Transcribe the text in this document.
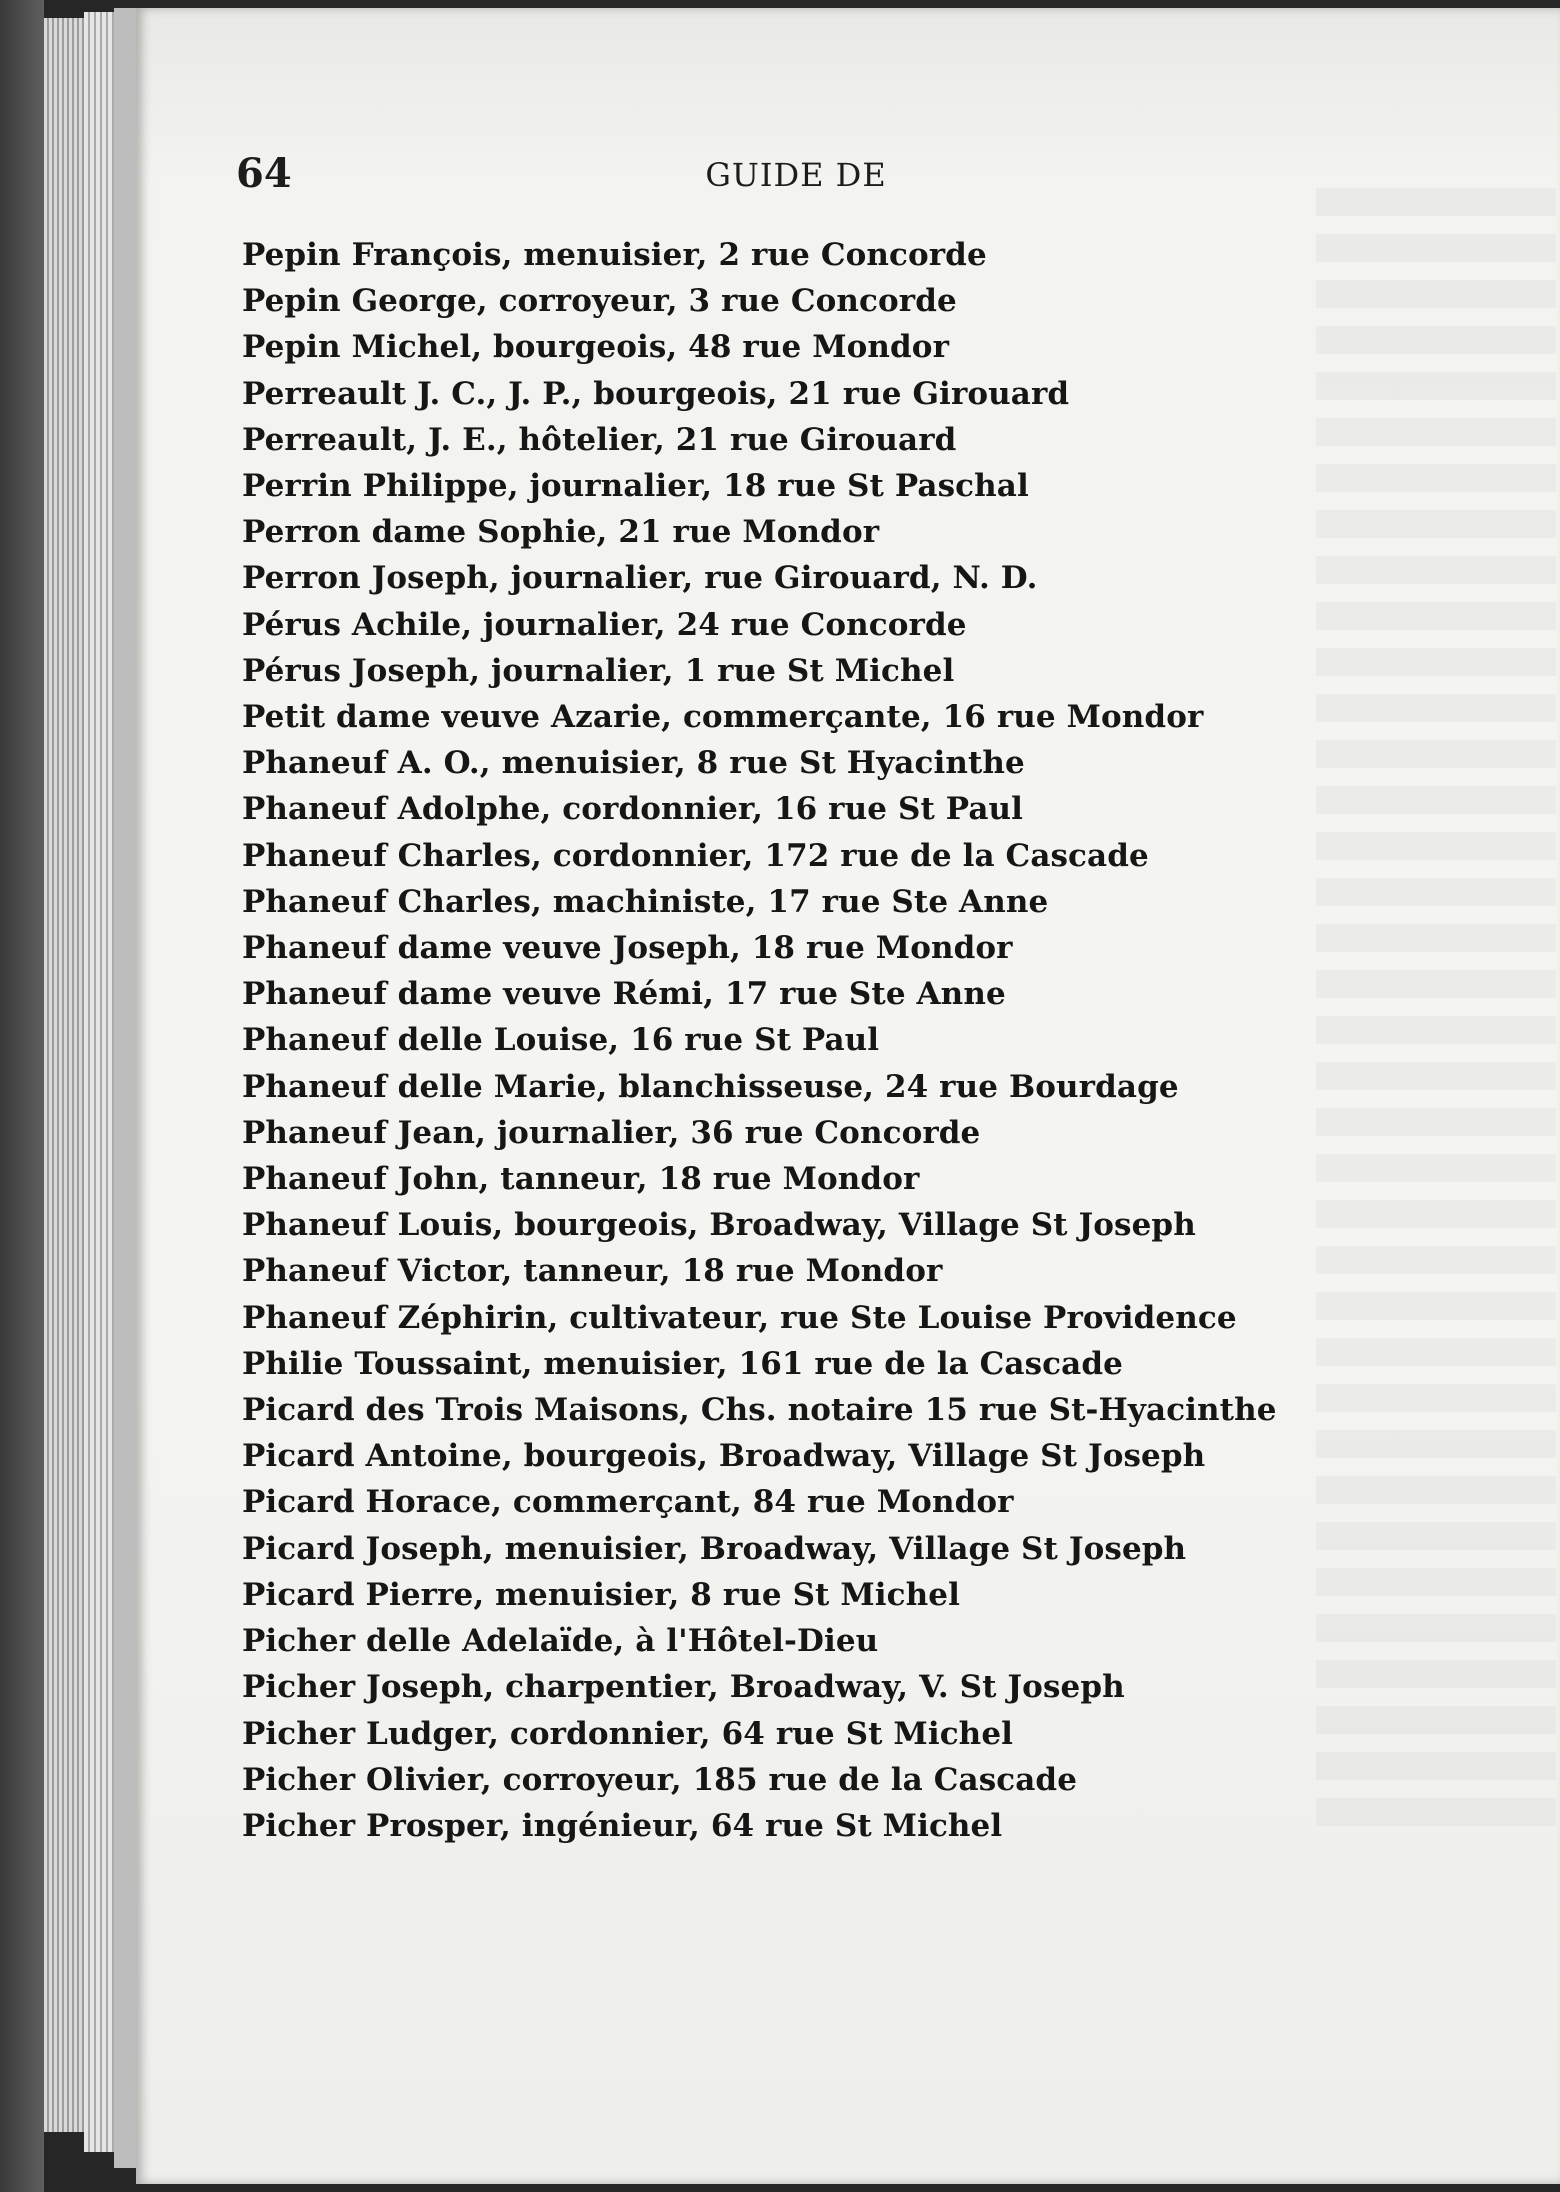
64	GUIDE DE
Pepin François, menuisier, 2 rue Concorde
Pepin George, corroyeur, 3 rue Concorde
Pepin Michel, bourgeois, 48 rue Mondor
Perreault J. C., J. P., bourgeois, 21 rue Girouard
Perreault, J. E., hôtelier, 21 rue Girouard
Perrin Philippe, journalier, 18 rue St Paschal
Perron dame Sophie, 21 rue Mondor
Perron Joseph, journalier, rue Girouard, N. D.
Pérus Achile, journalier, 24 rue Concorde
Pérus Joseph, journalier, 1 rue St Michel
Petit dame veuve Azarie, commerçante, 16 rue Mondor
Phaneuf A. O., menuisier, 8 rue St Hyacinthe
Phaneuf Adolphe, cordonnier, 16 rue St Paul
Phaneuf Charles, cordonnier, 172 rue de la Cascade
Phaneuf Charles, machiniste, 17 rue Ste Anne
Phaneuf dame veuve Joseph, 18 rue Mondor
Phaneuf dame veuve Rémi, 17 rue Ste Anne
Phaneuf delle Louise, 16 rue St Paul
Phaneuf delle Marie, blanchisseuse, 24 rue Bourdage
Phaneuf Jean, journalier, 36 rue Concorde
Phaneuf John, tanneur, 18 rue Mondor
Phaneuf Louis, bourgeois, Broadway, Village St Joseph
Phaneuf Victor, tanneur, 18 rue Mondor
Phaneuf Zéphirin, cultivateur, rue Ste Louise Providence
Philie Toussaint, menuisier, 161 rue de la Cascade
Picard des Trois Maisons, Chs. notaire 15 rue St-Hyacinthe
Picard Antoine, bourgeois, Broadway, Village St Joseph
Picard Horace, commerçant, 84 rue Mondor
Picard Joseph, menuisier, Broadway, Village St Joseph
Picard Pierre, menuisier, 8 rue St Michel
Picher delle Adelaïde, à l'Hôtel-Dieu
Picher Joseph, charpentier, Broadway, V. St Joseph
Picher Ludger, cordonnier, 64 rue St Michel
Picher Olivier, corroyeur, 185 rue de la Cascade
Picher Prosper, ingénieur, 64 rue St Michel
